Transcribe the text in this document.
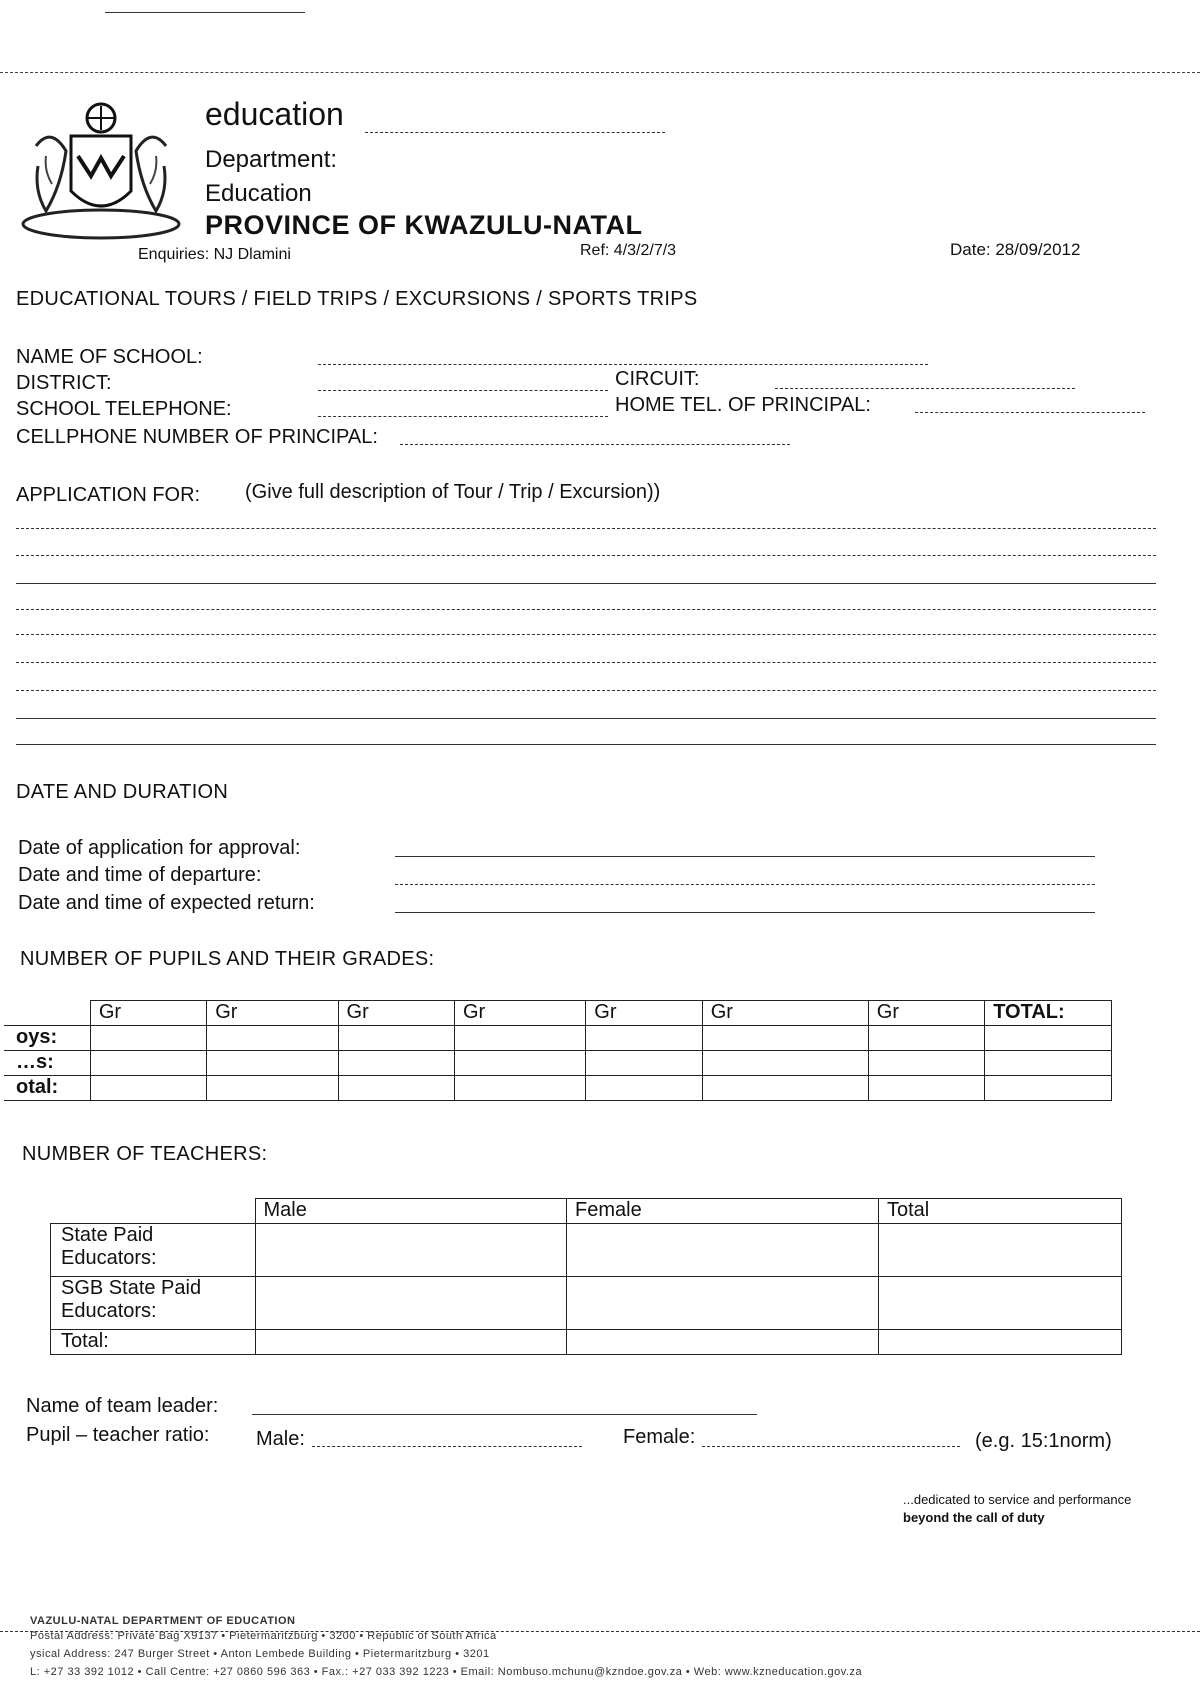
education
Department:
Education
PROVINCE OF KWAZULU-NATAL
Enquiries: NJ Dlamini	Ref: 4/3/2/7/3	Date: 28/09/2012
EDUCATIONAL TOURS / FIELD TRIPS / EXCURSIONS / SPORTS TRIPS
NAME OF SCHOOL:
DISTRICT:	CIRCUIT:
SCHOOL TELEPHONE:	HOME TEL. OF PRINCIPAL:
CELLPHONE NUMBER OF PRINCIPAL:
APPLICATION FOR: (Give full description of Tour / Trip / Excursion))
DATE AND DURATION
Date of application for approval:
Date and time of departure:
Date and time of expected return:
NUMBER OF PUPILS AND THEIR GRADES:
	Gr	Gr	Gr	Gr	Gr	Gr	Gr	TOTAL:
oys:								
…s:								
otal:								
NUMBER OF TEACHERS:
	Male	Female	Total
State Paid Educators:			
SGB State Paid Educators:			
Total:			
Name of team leader:
Pupil – teacher ratio: Male:	Female:	(e.g. 15:1norm)
...dedicated to service and performance
beyond the call of duty
VAZULU-NATAL DEPARTMENT OF EDUCATION
Postal Address: Private Bag X9137 • Pietermaritzburg • 3200 • Republic of South Africa
ysical Address: 247 Burger Street • Anton Lembede Building • Pietermaritzburg • 3201
L: +27 33 392 1012 • Call Centre: +27 0860 596 363 • Fax.: +27 033 392 1223 • Email: Nombuso.mchunu@kzndoe.gov.za • Web: www.kzneducation.gov.za
